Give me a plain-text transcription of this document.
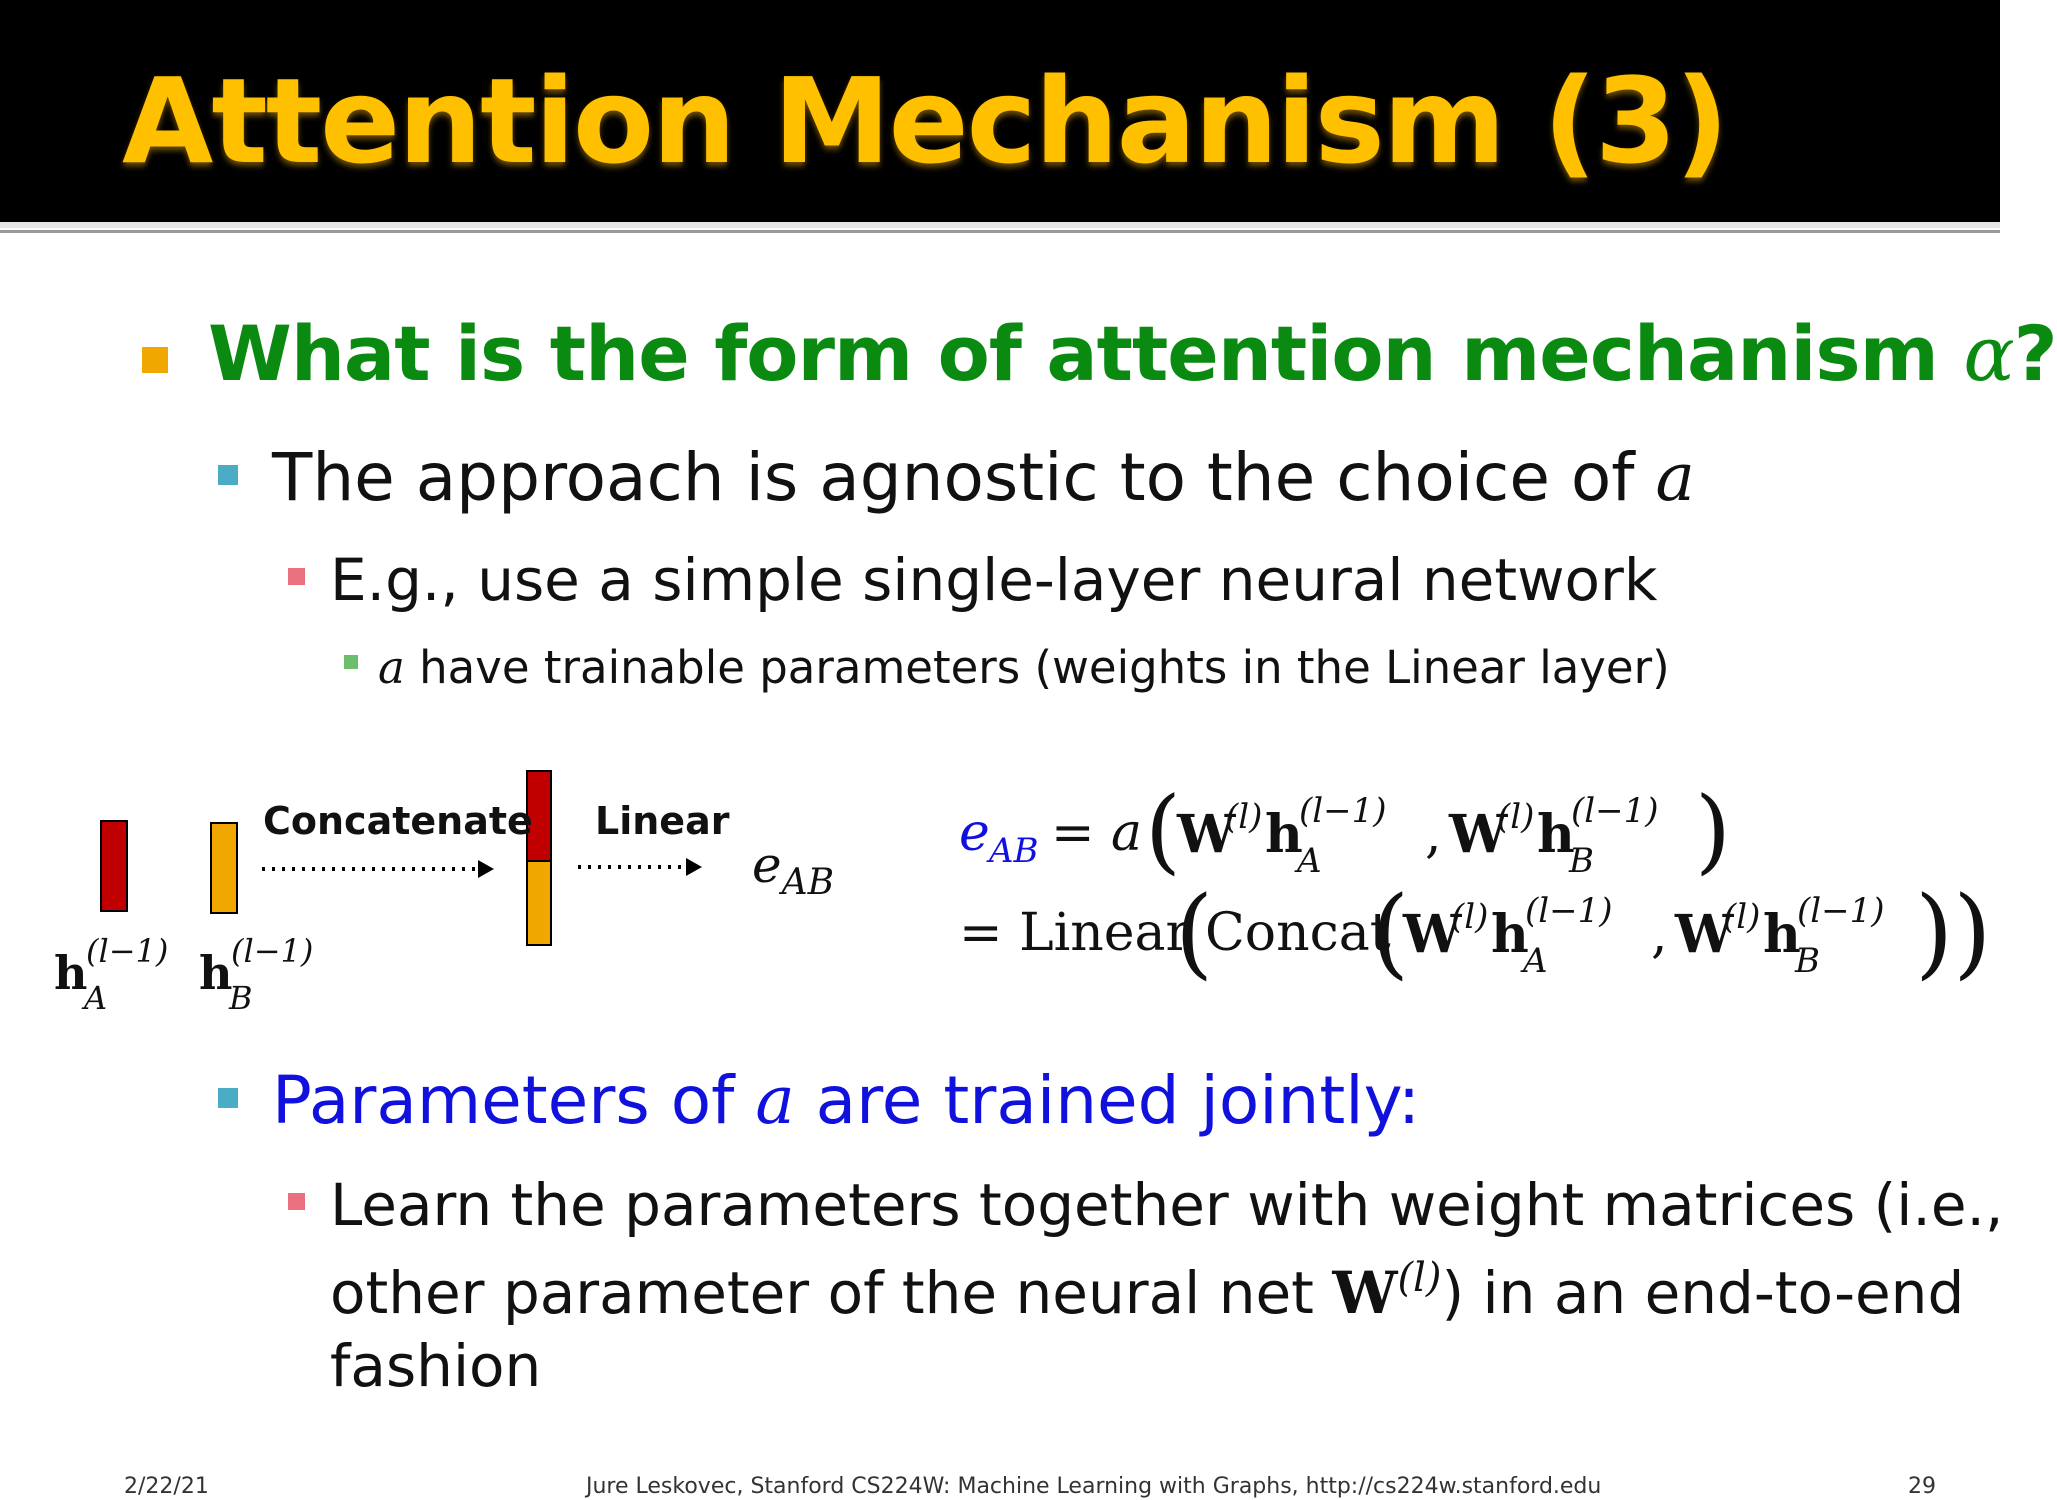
Attention Mechanism (3)
What is the form of attention mechanism α?
The approach is agnostic to the choice of a
E.g., use a simple single-layer neural network
a have trainable parameters (weights in the Linear layer)
Concatenate Linear
$e_{AB}$
h
(l−1)
A h
(l−1)
B
e AB = a (
W
(l) h
(l−1)
A , W
(l) h
(l−1)
B )
= Linear
(
Concat
(
W
(l) h
(l−1)
A , W
(l) h
(l−1)
B ))
Parameters of a are trained jointly:
Learn the parameters together with weight matrices (i.e.,
other parameter of the neural net $W^{(l)}$) in an end-to-end
fashion
2/22/21	Jure Leskovec, Stanford CS224W: Machine Learning with Graphs, http://cs224w.stanford.edu	29
